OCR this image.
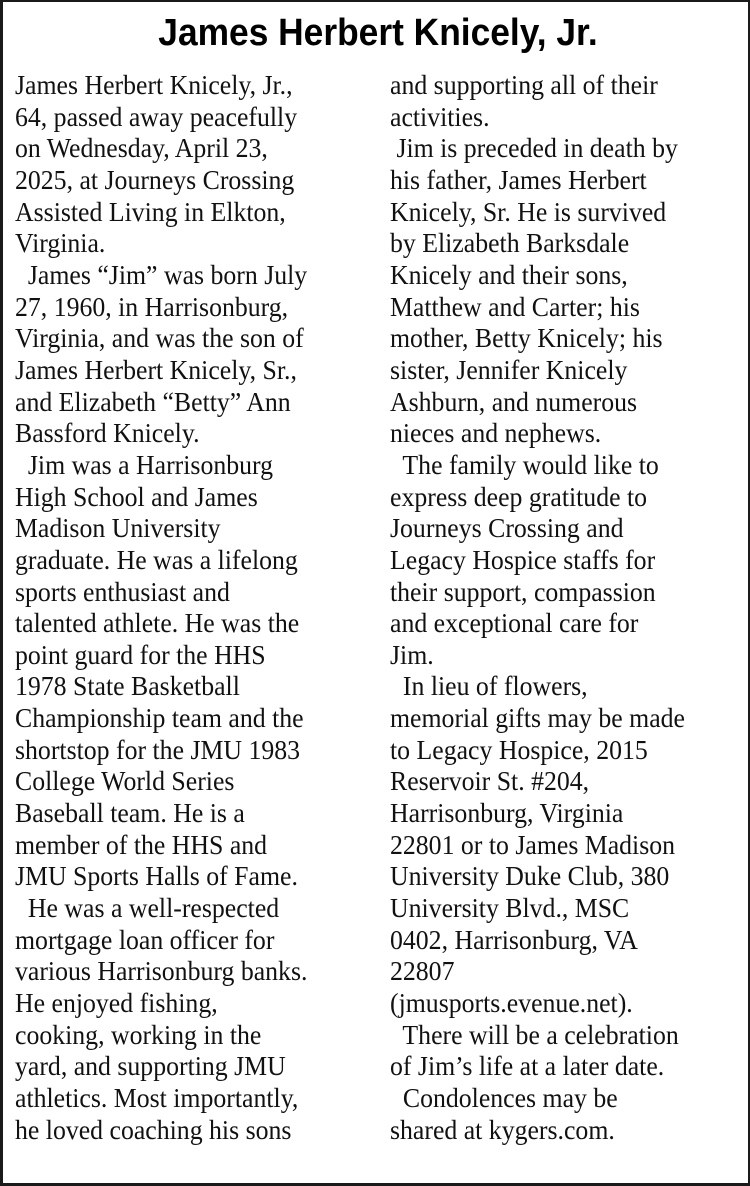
James Herbert Knicely, Jr.
James Herbert Knicely, Jr.,
64, passed away peacefully
on Wednesday, April 23,
2025, at Journeys Crossing
Assisted Living in Elkton,
Virginia.
James “Jim” was born July
27, 1960, in Harrisonburg,
Virginia, and was the son of
James Herbert Knicely, Sr.,
and Elizabeth “Betty” Ann
Bassford Knicely.
Jim was a Harrisonburg
High School and James
Madison University
graduate. He was a lifelong
sports enthusiast and
talented athlete. He was the
point guard for the HHS
1978 State Basketball
Championship team and the
shortstop for the JMU 1983
College World Series
Baseball team. He is a
member of the HHS and
JMU Sports Halls of Fame.
He was a well-respected
mortgage loan officer for
various Harrisonburg banks.
He enjoyed fishing,
cooking, working in the
yard, and supporting JMU
athletics. Most importantly,
he loved coaching his sons
and supporting all of their
activities.
Jim is preceded in death by
his father, James Herbert
Knicely, Sr. He is survived
by Elizabeth Barksdale
Knicely and their sons,
Matthew and Carter; his
mother, Betty Knicely; his
sister, Jennifer Knicely
Ashburn, and numerous
nieces and nephews.
The family would like to
express deep gratitude to
Journeys Crossing and
Legacy Hospice staffs for
their support, compassion
and exceptional care for
Jim.
In lieu of flowers,
memorial gifts may be made
to Legacy Hospice, 2015
Reservoir St. #204,
Harrisonburg, Virginia
22801 or to James Madison
University Duke Club, 380
University Blvd., MSC
0402, Harrisonburg, VA
22807
(jmusports.evenue.net).
There will be a celebration
of Jim’s life at a later date.
Condolences may be
shared at kygers.com.
